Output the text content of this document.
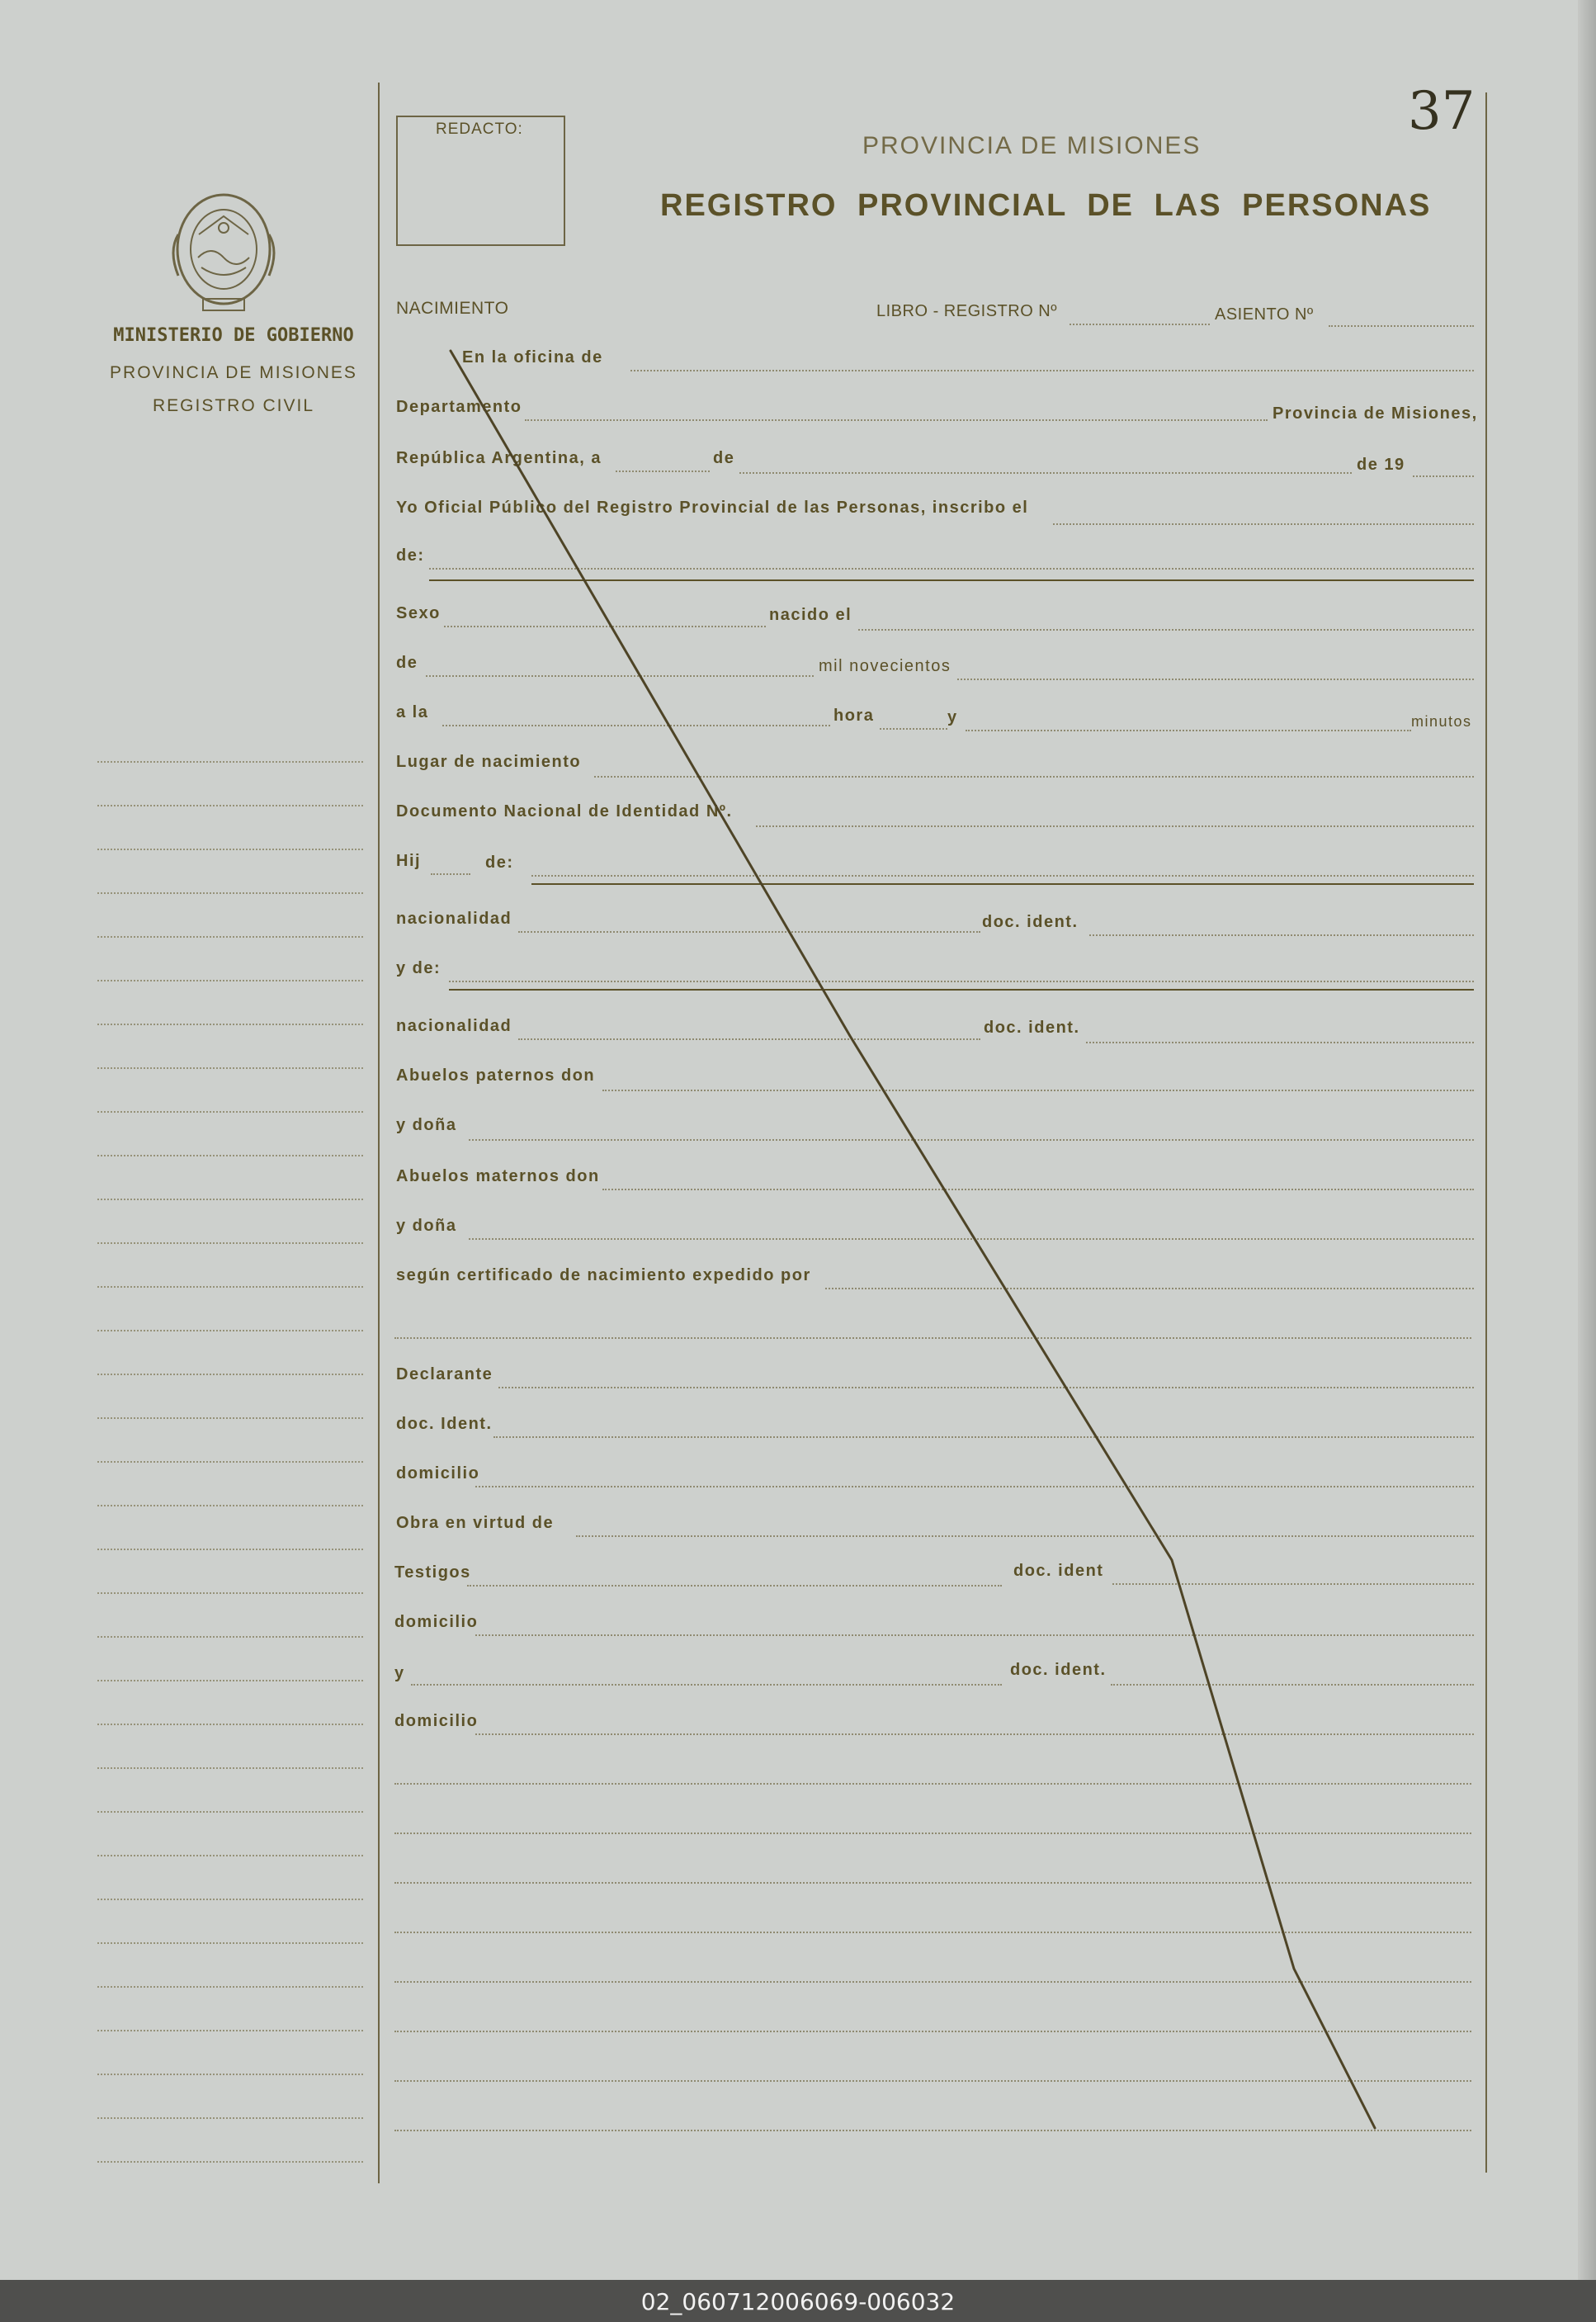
REDACTO:	37
PROVINCIA DE MISIONES
REGISTRO PROVINCIAL DE LAS PERSONAS
MINISTERIO DE GOBIERNO
PROVINCIA DE MISIONES
REGISTRO CIVIL
NACIMIENTO	LIBRO - REGISTRO Nº	ASIENTO Nº
En la oficina de
Departamento	Provincia de Misiones,
República Argentina, a	de	de 19
Yo Oficial Público del Registro Provincial de las Personas, inscribo el
de:
Sexo	nacido el
de	mil novecientos
a la	hora	y	minutos
Lugar de nacimiento
Documento Nacional de Identidad Nº.
Hij	de:
nacionalidad	doc. ident.
y de:
nacionalidad	doc. ident.
Abuelos paternos don
y doña
Abuelos maternos don
y doña
según certificado de nacimiento expedido por
Declarante
doc. Ident.
domicilio
Obra en virtud de
Testigos	doc. ident
domicilio
y	doc. ident.
domicilio
02_060712006069-006032
